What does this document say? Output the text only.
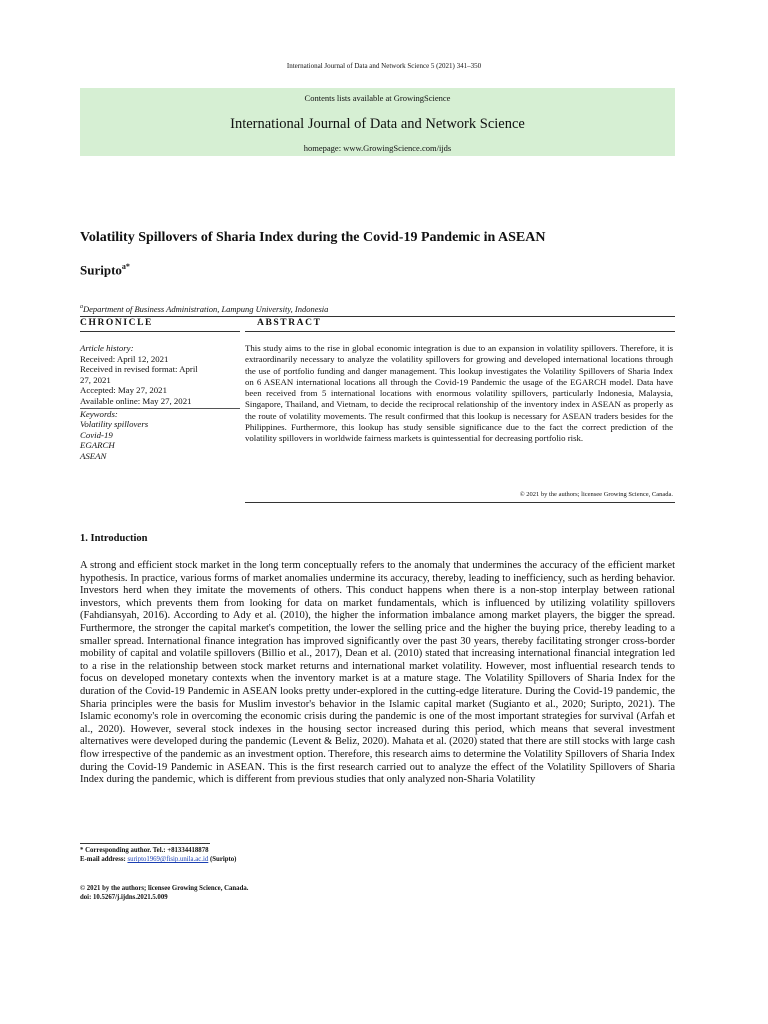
International Journal of Data and Network Science 5 (2021) 341–350
Contents lists available at GrowingScience
International Journal of Data and Network Science
homepage: www.GrowingScience.com/ijds
Volatility Spillovers of Sharia Index during the Covid-19 Pandemic in ASEAN
Suripto$^{a*}$
$^a$Department of Business Administration, Lampung University, Indonesia
CHRONICLE	ABSTRACT
Article history:
Received: April 12, 2021
Received in revised format: April
27, 2021
Accepted: May 27, 2021
Available online: May 27, 2021
Keywords:
Volatility spillovers
Covid-19
EGARCH
ASEAN
This study aims to the rise in global economic integration is due to an expansion in volatility spillovers. Therefore, it is extraordinarily necessary to analyze the volatility spillovers for growing and developed international locations through the use of portfolio funding and danger management. This lookup investigates the Volatility Spillovers of Sharia Index on 6 ASEAN international locations all through the Covid-19 Pandemic the usage of the EGARCH model. Data have been received from 5 international locations with enormous volatility spillovers, particularly Indonesia, Malaysia, Singapore, Thailand, and Vietnam, to decide the reciprocal relationship of the inventory index in ASEAN as properly as the route of volatility movements. The result confirmed that this lookup is necessary for ASEAN traders besides for the Philippines. Furthermore, this lookup has study sensible significance due to the fact the correct prediction of the volatility spillovers in worldwide fairness markets is quintessential for decreasing portfolio risk.
© 2021 by the authors; licensee Growing Science, Canada.
1. Introduction

A strong and efficient stock market in the long term conceptually refers to the anomaly that undermines the accuracy of the efficient market hypothesis. In practice, various forms of market anomalies undermine its accuracy, thereby, leading to inefficiency, such as herding behavior. Investors herd when they imitate the movements of others. This conduct happens when there is a non-stop interplay between rational investors, which prevents them from looking for data on market fundamentals, which is influenced by utilizing volatility spillovers (Fahdiansyah, 2016). According to Ady et al. (2010), the higher the information imbalance among market players, the bigger the spread. Furthermore, the stronger the capital market's competition, the lower the selling price and the higher the buying price, thereby leading to a smaller spread. International finance integration has improved significantly over the past 30 years, thereby facilitating stronger cross-border mobility of capital and volatile spillovers (Billio et al., 2017), Dean et al. (2010) stated that increasing international financial integration led to a rise in the relationship between stock market returns and international market volatility. However, most influential research tends to focus on developed monetary contexts when the inventory market is at a mature stage. The Volatility Spillovers of Sharia Index for the duration of the Covid-19 Pandemic in ASEAN looks pretty under-explored in the cutting-edge literature. During the Covid-19 pandemic, the Sharia principles were the basis for Muslim investor's behavior in the Islamic capital market (Sugianto et al., 2020; Suripto, 2021). The Islamic economy's role in overcoming the economic crisis during the pandemic is one of the most important strategies for survival (Arfah et al., 2020). However, several stock indexes in the housing sector increased during this period, which means that several investment alternatives were developed during the pandemic (Levent & Beliz, 2020). Mahata et al. (2020) stated that there are still stocks with large cash flow irrespective of the pandemic as an investment option. Therefore, this research aims to determine the Volatility Spillovers of Sharia Index during the Covid-19 Pandemic in ASEAN. This is the first research carried out to analyze the effect of the Volatility Spillovers of Sharia Index during the pandemic, which is different from previous studies that only analyzed non-Sharia Volatility

* Corresponding author. Tel.: +81334418878
E-mail address: suripto1969@fisip.unila.ac.id (Suripto)
© 2021 by the authors; licensee Growing Science, Canada.
doi: 10.5267/j.ijdns.2021.5.009
